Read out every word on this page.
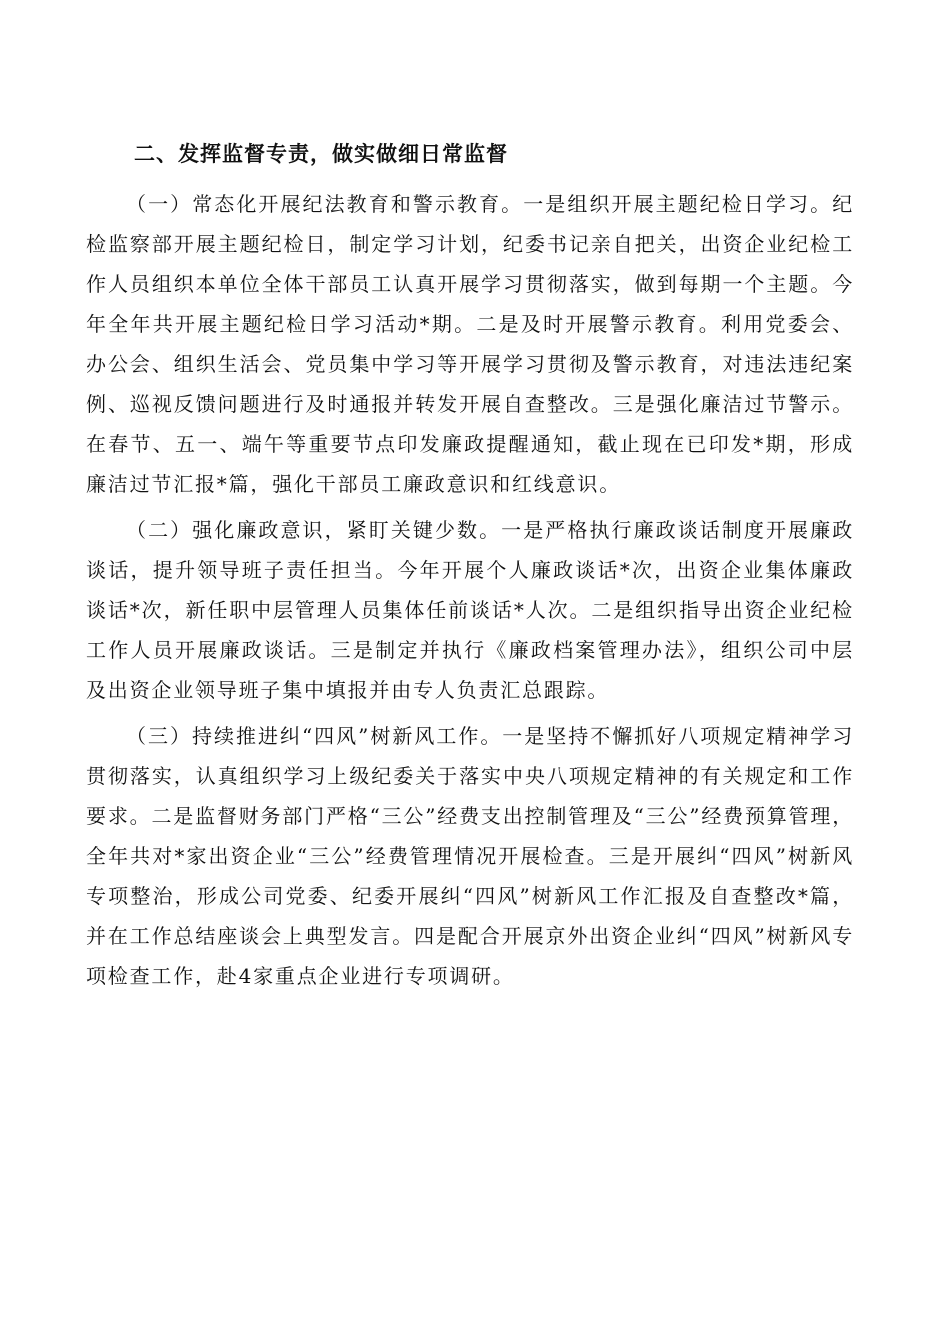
二、发挥监督专责，做实做细日常监督

（一）常态化开展纪法教育和警示教育。一是组织开展主题纪检日学习。纪检监察部开展主题纪检日，制定学习计划，纪委书记亲自把关，出资企业纪检工作人员组织本单位全体干部员工认真开展学习贯彻落实，做到每期一个主题。今年全年共开展主题纪检日学习活动*期。二是及时开展警示教育。利用党委会、办公会、组织生活会、党员集中学习等开展学习贯彻及警示教育，对违法违纪案例、巡视反馈问题进行及时通报并转发开展自查整改。三是强化廉洁过节警示。在春节、五一、端午等重要节点印发廉政提醒通知，截止现在已印发*期，形成廉洁过节汇报*篇，强化干部员工廉政意识和红线意识。

（二）强化廉政意识，紧盯关键少数。一是严格执行廉政谈话制度开展廉政谈话，提升领导班子责任担当。今年开展个人廉政谈话*次，出资企业集体廉政谈话*次，新任职中层管理人员集体任前谈话*人次。二是组织指导出资企业纪检工作人员开展廉政谈话。三是制定并执行《廉政档案管理办法》，组织公司中层及出资企业领导班子集中填报并由专人负责汇总跟踪。

（三）持续推进纠“四风”树新风工作。一是坚持不懈抓好八项规定精神学习贯彻落实，认真组织学习上级纪委关于落实中央八项规定精神的有关规定和工作要求。二是监督财务部门严格“三公”经费支出控制管理及“三公”经费预算管理，全年共对*家出资企业“三公”经费管理情况开展检查。三是开展纠“四风”树新风专项整治，形成公司党委、纪委开展纠“四风”树新风工作汇报及自查整改*篇，并在工作总结座谈会上典型发言。四是配合开展京外出资企业纠“四风”树新风专项检查工作，赴4家重点企业进行专项调研。
